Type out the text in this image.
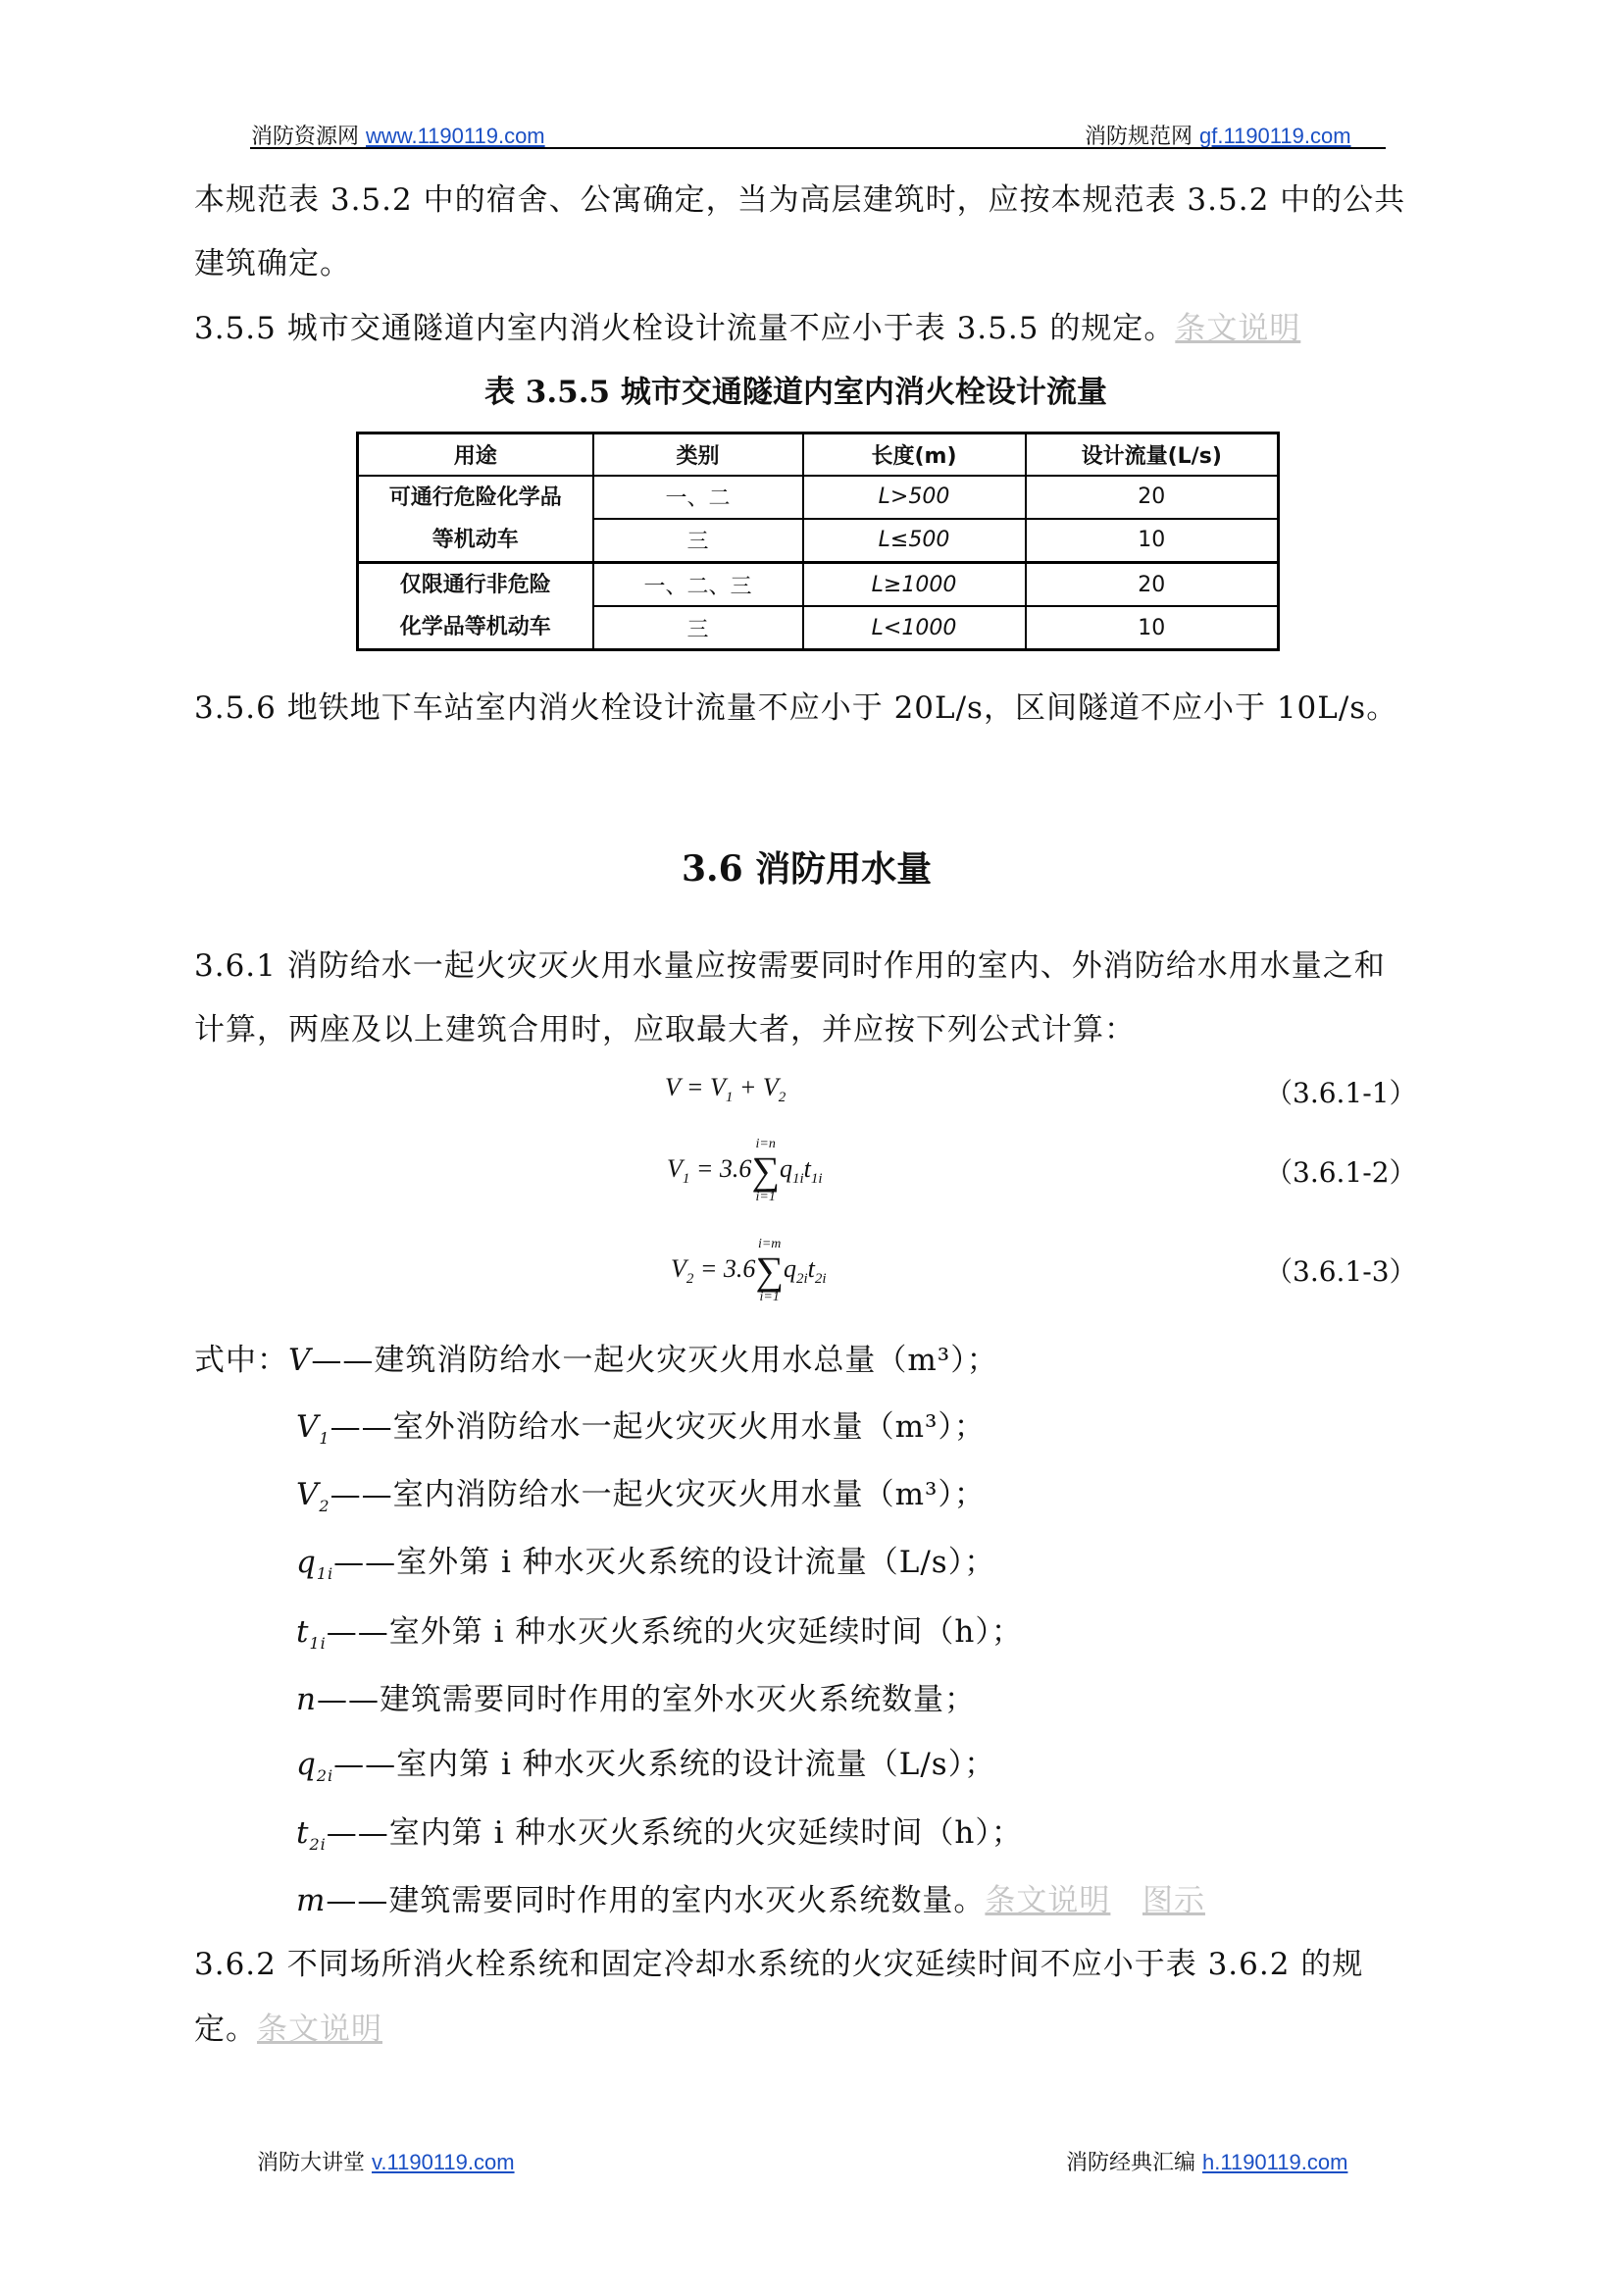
消防资源网 www.1190119.com	消防规范网 gf.1190119.com
本规范表 3.5.2 中的宿舍、公寓确定，当为高层建筑时，应按本规范表 3.5.2 中的公共
建筑确定。
3.5.5 城市交通隧道内室内消火栓设计流量不应小于表 3.5.5 的规定。条文说明
表 3.5.5 城市交通隧道内室内消火栓设计流量
用途	类别	长度(m)	设计流量(L/s)
可通行危险化学品
等机动车	一、二	L>500	20
	三	L≤500	10
仅限通行非危险
化学品等机动车	一、二、三	L≥1000	20
	三	L<1000	10
3.5.6 地铁地下车站室内消火栓设计流量不应小于 20L/s，区间隧道不应小于 10L/s。
3.6 消防用水量
3.6.1 消防给水一起火灾灭火用水量应按需要同时作用的室内、外消防给水用水量之和
计算，两座及以上建筑合用时，应取最大者，并应按下列公式计算：
$V = V_1 + V_2$
$V_1 = 3.6$
i=n
∑
i=1
$q_{1i}t_{1i}$
$V_2 = 3.6$
i=m
∑
i=1
$q_{2i}t_{2i}$
（3.6.1-1）
（3.6.1-2）
（3.6.1-3）
式中：V——建筑消防给水一起火灾灭火用水总量（m³）；
$V_1——$室外消防给水一起火灾灭火用水量（m³）；
$V_2——$室内消防给水一起火灾灭火用水量（m³）；
$q_{1i}——$室外第 i 种水灭火系统的设计流量（L/s）；
$t_{1i}——$室外第 i 种水灭火系统的火灾延续时间（h）；
n——建筑需要同时作用的室外水灭火系统数量；
$q_{2i}——$室内第 i 种水灭火系统的设计流量（L/s）；
$t_{2i}——$室内第 i 种水灭火系统的火灾延续时间（h）；
m——建筑需要同时作用的室内水灭火系统数量。条文说明 图示
3.6.2 不同场所消火栓系统和固定冷却水系统的火灾延续时间不应小于表 3.6.2 的规
定。条文说明
消防大讲堂 v.1190119.com	消防经典汇编 h.1190119.com
